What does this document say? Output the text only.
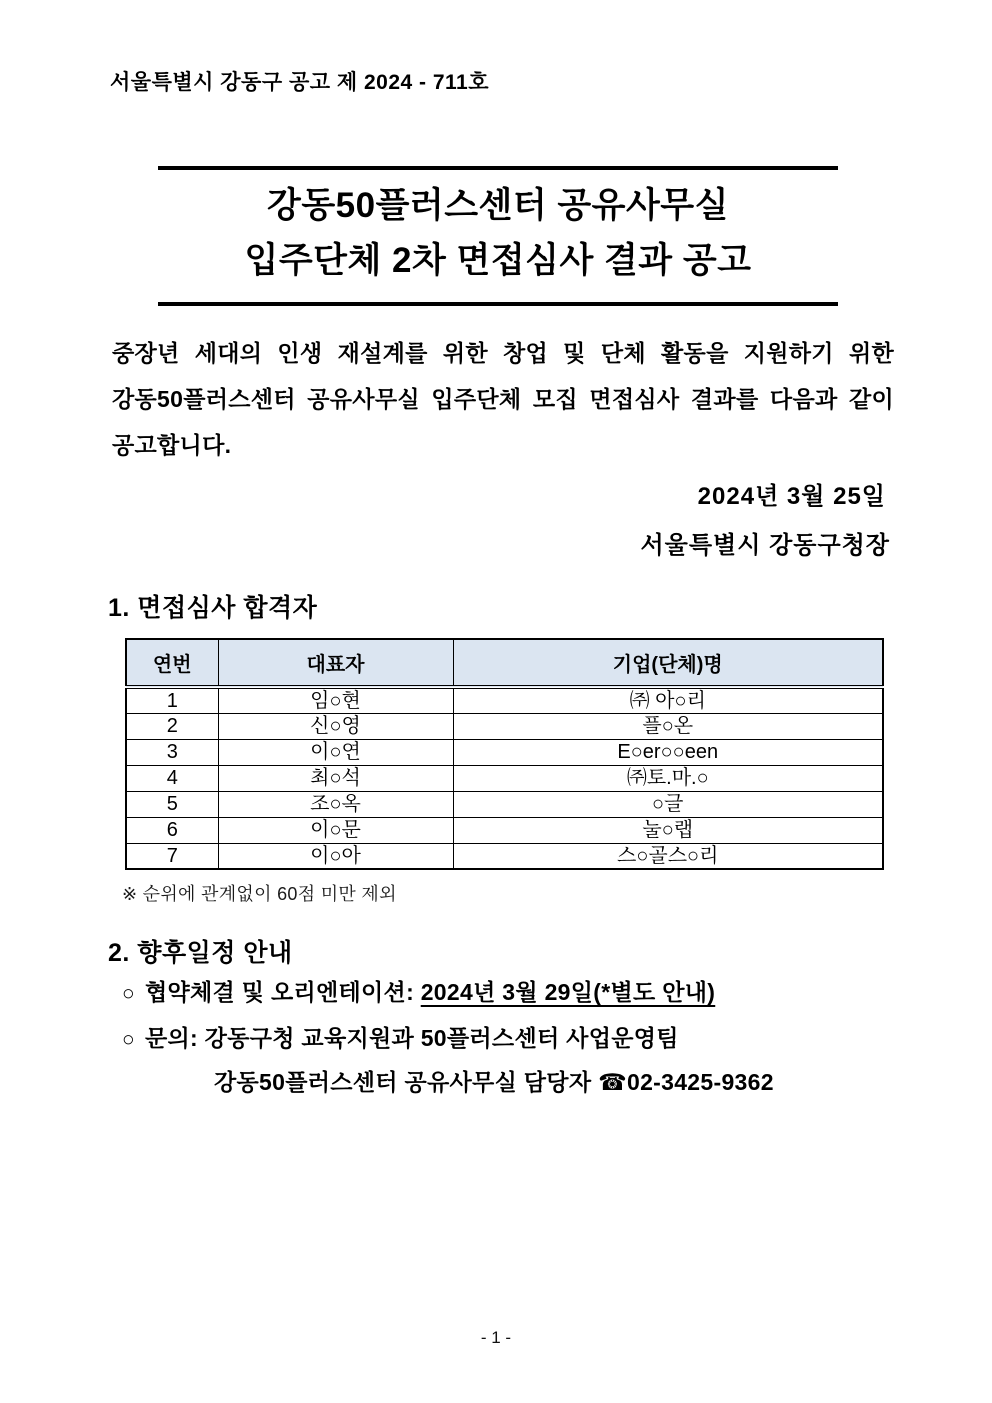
서울특별시 강동구 공고 제 2024 - 711호
강동50플러스센터 공유사무실
입주단체 2차 면접심사 결과 공고
중장년 세대의 인생 재설계를 위한 창업 및 단체 활동을 지원하기 위한 강동50플러스센터 공유사무실 입주단체 모집 면접심사 결과를 다음과 같이 공고합니다.
2024년 3월 25일
서울특별시 강동구청장
1. 면접심사 합격자
연번	대표자	기업(단체)명
1	임○현	㈜ 아○리
2	신○영	플○온
3	이○연	E○er○○een
4	최○석	㈜토.마.○
5	조○옥	○글
6	이○문	눌○랩
7	이○아	스○골스○리
※ 순위에 관계없이 60점 미만 제외
2. 향후일정 안내
○ 협약체결 및 오리엔테이션: 2024년 3월 29일(*별도 안내)
○ 문의: 강동구청 교육지원과 50플러스센터 사업운영팀
강동50플러스센터 공유사무실 담당자 ☎02-3425-9362
- 1 -
